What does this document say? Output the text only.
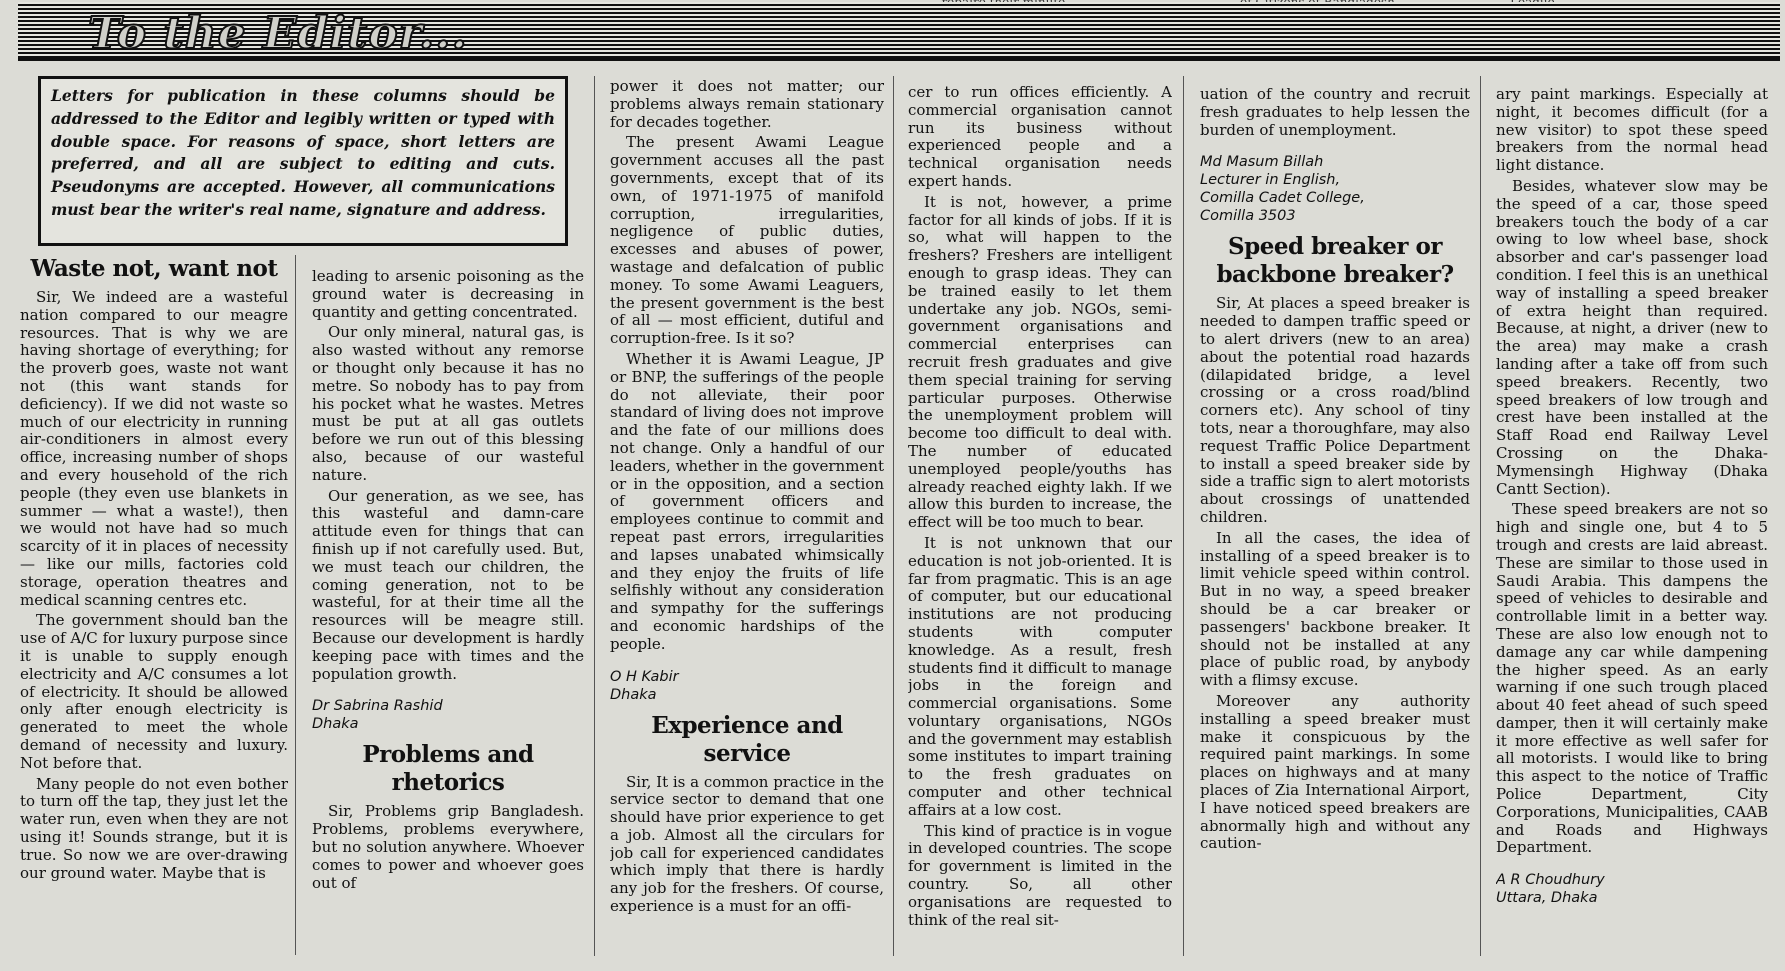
To the Editor...
Letters for publication in these columns should be addressed to the Editor and legibly written or typed with double space. For reasons of space, short letters are preferred, and all are subject to editing and cuts. Pseudonyms are accepted. However, all communications must bear the writer's real name, signature and address.
Waste not, want not

Sir, We indeed are a wasteful nation compared to our meagre resources. That is why we are having shortage of everything; for the proverb goes, waste not want not (this want stands for deficiency). If we did not waste so much of our electricity in running air-conditioners in almost every office, increasing number of shops and every household of the rich people (they even use blankets in summer — what a waste!), then we would not have had so much scarcity of it in places of necessity — like our mills, factories cold storage, operation theatres and medical scanning centres etc.

The government should ban the use of A/C for luxury purpose since it is unable to supply enough electricity and A/C consumes a lot of electricity. It should be allowed only after enough electricity is generated to meet the whole demand of necessity and luxury. Not before that.

Many people do not even bother to turn off the tap, they just let the water run, even when they are not using it! Sounds strange, but it is true. So now we are over-drawing our ground water. Maybe that is

leading to arsenic poisoning as the ground water is decreasing in quantity and getting concentrated.

Our only mineral, natural gas, is also wasted without any remorse or thought only because it has no metre. So nobody has to pay from his pocket what he wastes. Metres must be put at all gas outlets before we run out of this blessing also, because of our wasteful nature.

Our generation, as we see, has this wasteful and damn-care attitude even for things that can finish up if not carefully used. But, we must teach our children, the coming generation, not to be wasteful, for at their time all the resources will be meagre still. Because our development is hardly keeping pace with times and the population growth.

Dr Sabrina Rashid
Dhaka
Problems and rhetorics

Sir, Problems grip Bangladesh. Problems, problems everywhere, but no solution anywhere. Whoever comes to power and whoever goes out of

power it does not matter; our problems always remain stationary for decades together.

The present Awami League government accuses all the past governments, except that of its own, of 1971-1975 of manifold corruption, irregularities, negligence of public duties, excesses and abuses of power, wastage and defalcation of public money. To some Awami Leaguers, the present government is the best of all — most efficient, dutiful and corruption-free. Is it so?

Whether it is Awami League, JP or BNP, the sufferings of the people do not alleviate, their poor standard of living does not improve and the fate of our millions does not change. Only a handful of our leaders, whether in the government or in the opposition, and a section of government officers and employees continue to commit and repeat past errors, irregularities and lapses unabated whimsically and they enjoy the fruits of life selfishly without any consideration and sympathy for the sufferings and economic hardships of the people.

O H Kabir
Dhaka
Experience and service

Sir, It is a common practice in the service sector to demand that one should have prior experience to get a job. Almost all the circulars for job call for experienced candidates which imply that there is hardly any job for the freshers. Of course, experience is a must for an offi-

cer to run offices efficiently. A commercial organisation cannot run its business without experienced people and a technical organisation needs expert hands.

It is not, however, a prime factor for all kinds of jobs. If it is so, what will happen to the freshers? Freshers are intelligent enough to grasp ideas. They can be trained easily to let them undertake any job. NGOs, semi-government organisations and commercial enterprises can recruit fresh graduates and give them special training for serving particular purposes. Otherwise the unemployment problem will become too difficult to deal with. The number of educated unemployed people/youths has already reached eighty lakh. If we allow this burden to increase, the effect will be too much to bear.

It is not unknown that our education is not job-oriented. It is far from pragmatic. This is an age of computer, but our educational institutions are not producing students with computer knowledge. As a result, fresh students find it difficult to manage jobs in the foreign and commercial organisations. Some voluntary organisations, NGOs and the government may establish some institutes to impart training to the fresh graduates on computer and other technical affairs at a low cost.

This kind of practice is in vogue in developed countries. The scope for government is limited in the country. So, all other organisations are requested to think of the real sit-

uation of the country and recruit fresh graduates to help lessen the burden of unemployment.

Md Masum Billah
Lecturer in English,
Comilla Cadet College,
Comilla 3503
Speed breaker or backbone breaker?

Sir, At places a speed breaker is needed to dampen traffic speed or to alert drivers (new to an area) about the potential road hazards (dilapidated bridge, a level crossing or a cross road/blind corners etc). Any school of tiny tots, near a thoroughfare, may also request Traffic Police Department to install a speed breaker side by side a traffic sign to alert motorists about crossings of unattended children.

In all the cases, the idea of installing of a speed breaker is to limit vehicle speed within control. But in no way, a speed breaker should be a car breaker or passengers' backbone breaker. It should not be installed at any place of public road, by anybody with a flimsy excuse.

Moreover any authority installing a speed breaker must make it conspicuous by the required paint markings. In some places on highways and at many places of Zia International Airport, I have noticed speed breakers are abnormally high and without any caution-

ary paint markings. Especially at night, it becomes difficult (for a new visitor) to spot these speed breakers from the normal head light distance.

Besides, whatever slow may be the speed of a car, those speed breakers touch the body of a car owing to low wheel base, shock absorber and car's passenger load condition. I feel this is an unethical way of installing a speed breaker of extra height than required. Because, at night, a driver (new to the area) may make a crash landing after a take off from such speed breakers. Recently, two speed breakers of low trough and crest have been installed at the Staff Road end Railway Level Crossing on the Dhaka-Mymensingh Highway (Dhaka Cantt Section).

These speed breakers are not so high and single one, but 4 to 5 trough and crests are laid abreast. These are similar to those used in Saudi Arabia. This dampens the speed of vehicles to desirable and controllable limit in a better way. These are also low enough not to damage any car while dampening the higher speed. As an early warning if one such trough placed about 40 feet ahead of such speed damper, then it will certainly make it more effective as well safer for all motorists. I would like to bring this aspect to the notice of Traffic Police Department, City Corporations, Municipalities, CAAB and Roads and Highways Department.

A R Choudhury
Uttara, Dhaka
